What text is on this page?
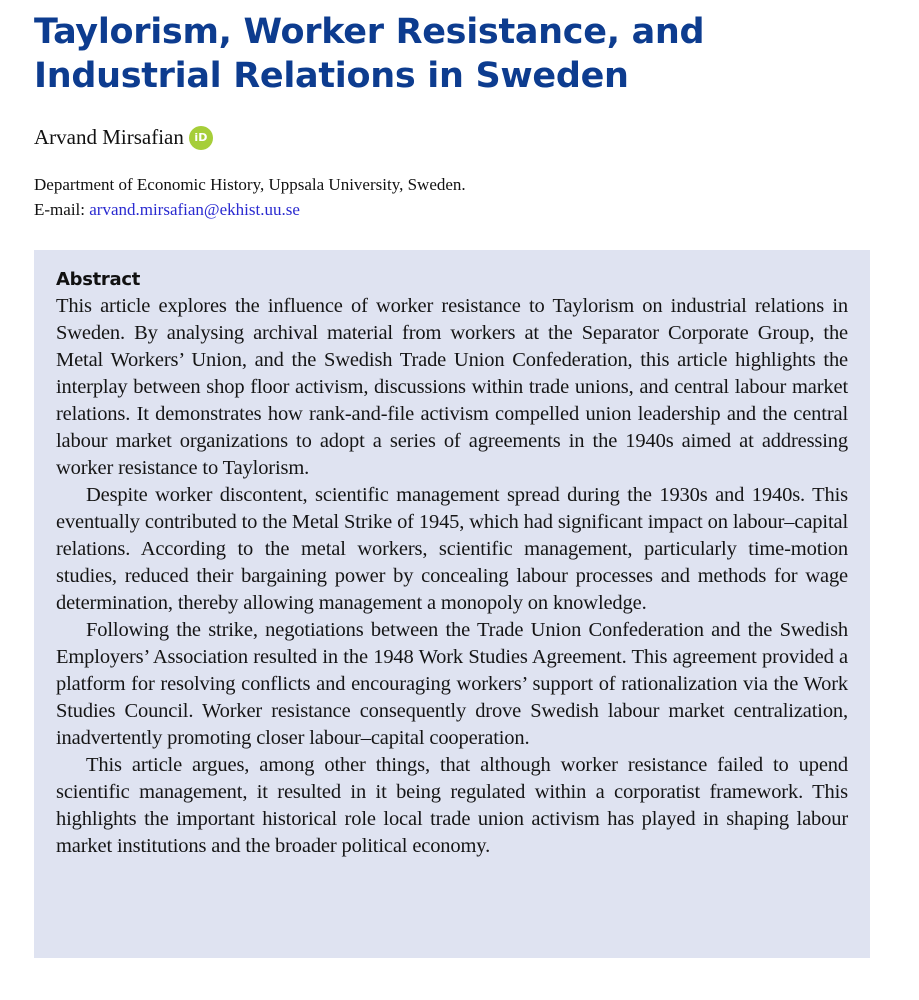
Taylorism, Worker Resistance, and Industrial Relations in Sweden
Arvand Mirsafian iD
Department of Economic History, Uppsala University, Sweden.
E-mail: arvand.mirsafian@ekhist.uu.se
Abstract

This article explores the influence of worker resistance to Taylorism on industrial relations in Sweden. By analysing archival material from workers at the Separator Corporate Group, the Metal Workers’ Union, and the Swedish Trade Union Confederation, this article highlights the interplay between shop floor activism, discussions within trade unions, and central labour market relations. It demonstrates how rank-and-file activism compelled union leadership and the central labour market organizations to adopt a series of agreements in the 1940s aimed at addressing worker resistance to Taylorism.

Despite worker discontent, scientific management spread during the 1930s and 1940s. This eventually contributed to the Metal Strike of 1945, which had significant impact on labour–capital relations. According to the metal workers, scientific management, particularly time-motion studies, reduced their bargaining power by concealing labour processes and methods for wage determination, thereby allowing management a monopoly on knowledge.

Following the strike, negotiations between the Trade Union Confederation and the Swedish Employers’ Association resulted in the 1948 Work Studies Agreement. This agreement provided a platform for resolving conflicts and encouraging workers’ support of rationalization via the Work Studies Council. Worker resistance consequently drove Swedish labour market centralization, inadvertently promoting closer labour–capital cooperation.

This article argues, among other things, that although worker resistance failed to upend scientific management, it resulted in it being regulated within a corporatist framework. This highlights the important historical role local trade union activism has played in shaping labour market institutions and the broader political economy.
